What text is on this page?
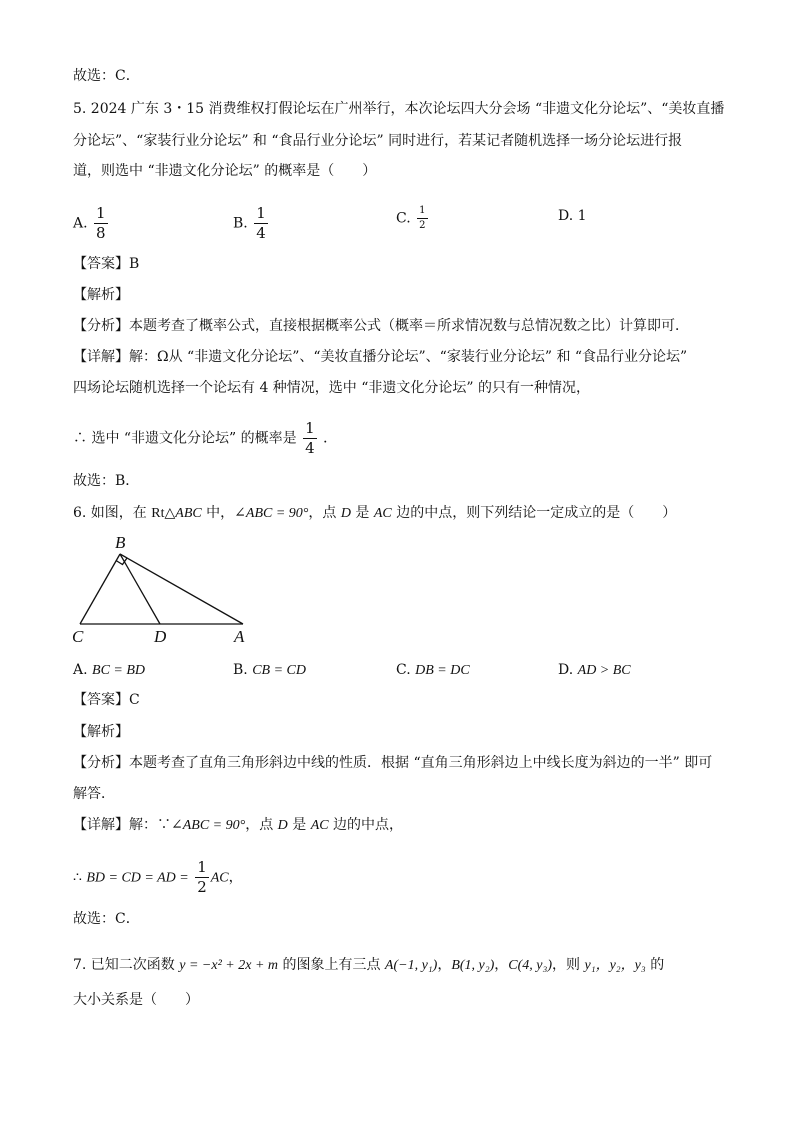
故选：C．
5. 2024 广东 3・15 消费维权打假论坛在广州举行，本次论坛四大分会场 “非遗文化分论坛”、“美妆直播
分论坛”、“家装行业分论坛” 和 “食品行业分论坛” 同时进行，若某记者随机选择一场分论坛进行报
道，则选中 “非遗文化分论坛” 的概率是（　　）
A. $\frac{1}{8}$	B. $\frac{1}{4}$	C. $\frac{1}{2}$	D. 1
【答案】B
【解析】
【分析】本题考查了概率公式，直接根据概率公式（概率＝所求情况数与总情况数之比）计算即可．
【详解】解：Ω从 “非遗文化分论坛”、“美妆直播分论坛”、“家装行业分论坛” 和 “食品行业分论坛”
四场论坛随机选择一个论坛有 4 种情况，选中 “非遗文化分论坛” 的只有一种情况，
∴ 选中 “非遗文化分论坛” 的概率是 $\frac{1}{4}$ ．
故选：B．
6. 如图，在 Rt△ABC 中，∠ABC = 90°，点 D 是 AC 边的中点，则下列结论一定成立的是（　　）
B
C	D	A
A. BC = BD	B. CB = CD	C. DB = DC	D. AD > BC
【答案】C
【解析】
【分析】本题考查了直角三角形斜边中线的性质．根据 “直角三角形斜边上中线长度为斜边的一半” 即可
解答．
【详解】解：∵∠ABC = 90°，点 D 是 AC 边的中点，
∴ BD = CD = AD = $\frac{1}{2}$ AC，
故选：C．
7. 已知二次函数 y = −x² + 2x + m 的图象上有三点 A(−1, y₁)，B(1, y₂)，C(4, y₃)，则 y₁，y₂，y₃ 的
大小关系是（　　）
